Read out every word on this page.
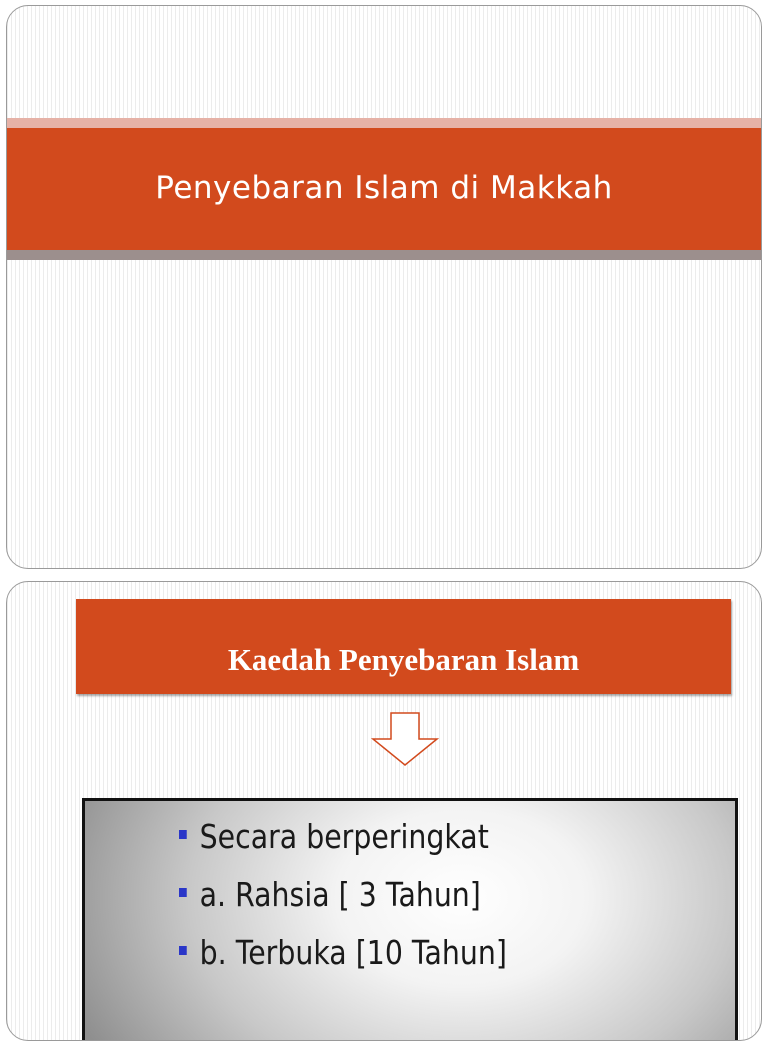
Penyebaran Islam di Makkah
Kaedah Penyebaran Islam
Secara berperingkat
a. Rahsia [ 3 Tahun]
b. Terbuka [10 Tahun]
